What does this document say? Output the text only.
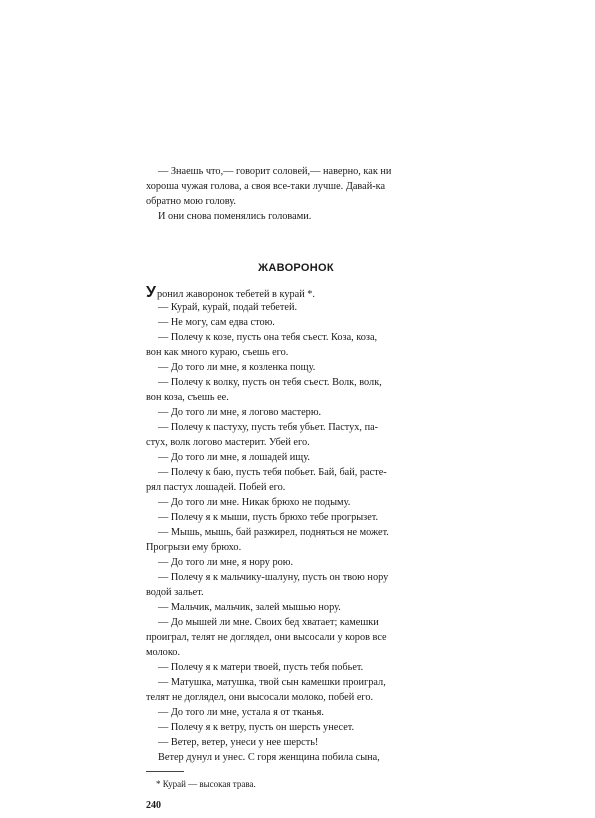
— Знаешь что,— говорит соловей,— наверно, как ни
хороша чужая голова, а своя все-таки лучше. Давай-ка
обратно мою голову.
И они снова поменялись головами.
ЖАВОРОНОК
Уронил жаворонок тебетей в курай *.
— Курай, курай, подай тебетей.
— Не могу, сам едва стою.
— Полечу к козе, пусть она тебя съест. Коза, коза,
вон как много кураю, съешь его.
— До того ли мне, я козленка пощу.
— Полечу к волку, пусть он тебя съест. Волк, волк,
вон коза, съешь ее.
— До того ли мне, я логово мастерю.
— Полечу к пастуху, пусть тебя убьет. Пастух, па-
стух, волк логово мастерит. Убей его.
— До того ли мне, я лошадей ищу.
— Полечу к баю, пусть тебя побьет. Бай, бай, расте-
рял пастух лошадей. Побей его.
— До того ли мне. Никак брюхо не подыму.
— Полечу я к мыши, пусть брюхо тебе прогрызет.
— Мышь, мышь, бай разжирел, подняться не может.
Прогрызи ему брюхо.
— До того ли мне, я нору рою.
— Полечу я к мальчику-шалуну, пусть он твою нору
водой зальет.
— Мальчик, мальчик, залей мышью нору.
— До мышей ли мне. Своих бед хватает; камешки
проиграл, телят не доглядел, они высосали у коров все
молоко.
— Полечу я к матери твоей, пусть тебя побьет.
— Матушка, матушка, твой сын камешки проиграл,
телят не доглядел, они высосали молоко, побей его.
— До того ли мне, устала я от тканья.
— Полечу я к ветру, пусть он шерсть унесет.
— Ветер, ветер, унеси у нее шерсть!
Ветер дунул и унес. С горя женщина побила сына,
* Курай — высокая трава.
240
